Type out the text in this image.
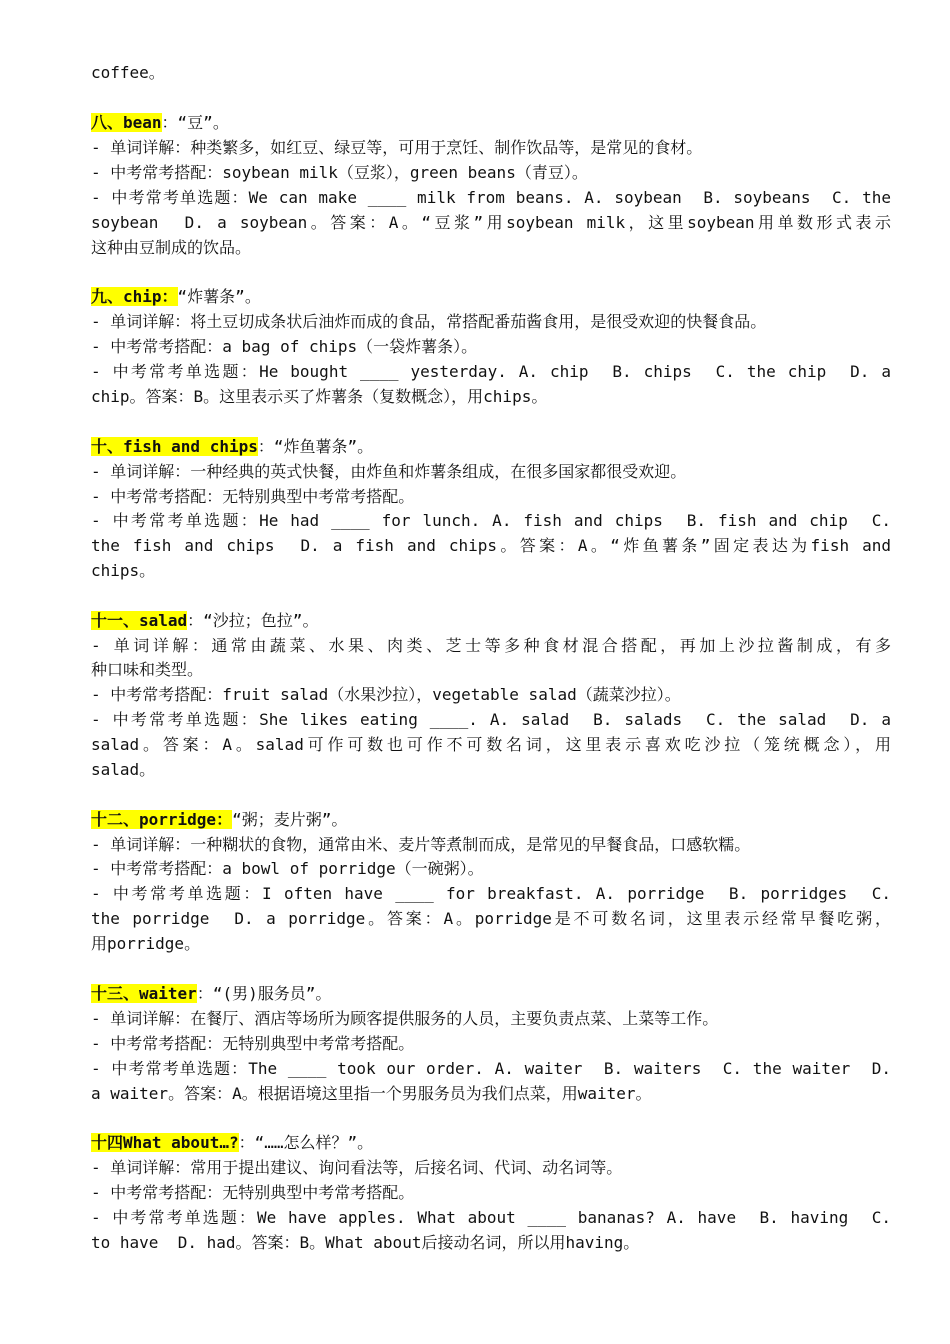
coffee。
八、bean：“豆”。
- 单词详解：种类繁多，如红豆、绿豆等，可用于烹饪、制作饮品等，是常见的食材。
- 中考常考搭配：soybean milk（豆浆），green beans（青豆）。
- 中考常考单选题：We can make ____ milk from beans. A. soybean  B. soybeans  C. the
soybean  D. a soybean。答案：A。“豆浆”用soybean milk，这里soybean用单数形式表示
这种由豆制成的饮品。
九、chip：“炸薯条”。
- 单词详解：将土豆切成条状后油炸而成的食品，常搭配番茄酱食用，是很受欢迎的快餐食品。
- 中考常考搭配：a bag of chips（一袋炸薯条）。
- 中考常考单选题：He bought ____ yesterday. A. chip  B. chips  C. the chip  D. a
chip。答案：B。这里表示买了炸薯条（复数概念），用chips。
十、fish and chips：“炸鱼薯条”。
- 单词详解：一种经典的英式快餐，由炸鱼和炸薯条组成，在很多国家都很受欢迎。
- 中考常考搭配：无特别典型中考常考搭配。
- 中考常考单选题：He had ____ for lunch. A. fish and chips  B. fish and chip  C.
the fish and chips  D. a fish and chips。答案：A。“炸鱼薯条”固定表达为fish and
chips。
十一、salad：“沙拉；色拉”。
- 单词详解：通常由蔬菜、水果、肉类、芝士等多种食材混合搭配，再加上沙拉酱制成，有多
种口味和类型。
- 中考常考搭配：fruit salad（水果沙拉），vegetable salad（蔬菜沙拉）。
- 中考常考单选题：She likes eating ____. A. salad  B. salads  C. the salad  D. a
salad。答案：A。salad可作可数也可作不可数名词，这里表示喜欢吃沙拉（笼统概念），用
salad。
十二、porridge：“粥；麦片粥”。
- 单词详解：一种糊状的食物，通常由米、麦片等煮制而成，是常见的早餐食品，口感软糯。
- 中考常考搭配：a bowl of porridge（一碗粥）。
- 中考常考单选题：I often have ____ for breakfast. A. porridge  B. porridges  C.
the porridge  D. a porridge。答案：A。porridge是不可数名词，这里表示经常早餐吃粥，
用porridge。
十三、waiter：“(男)服务员”。
- 单词详解：在餐厅、酒店等场所为顾客提供服务的人员，主要负责点菜、上菜等工作。
- 中考常考搭配：无特别典型中考常考搭配。
- 中考常考单选题：The ____ took our order. A. waiter  B. waiters  C. the waiter  D.
a waiter。答案：A。根据语境这里指一个男服务员为我们点菜，用waiter。
十四What about…?：“……怎么样？”。
- 单词详解：常用于提出建议、询问看法等，后接名词、代词、动名词等。
- 中考常考搭配：无特别典型中考常考搭配。
- 中考常考单选题：We have apples. What about ____ bananas? A. have  B. having  C.
to have  D. had。答案：B。What about后接动名词，所以用having。
